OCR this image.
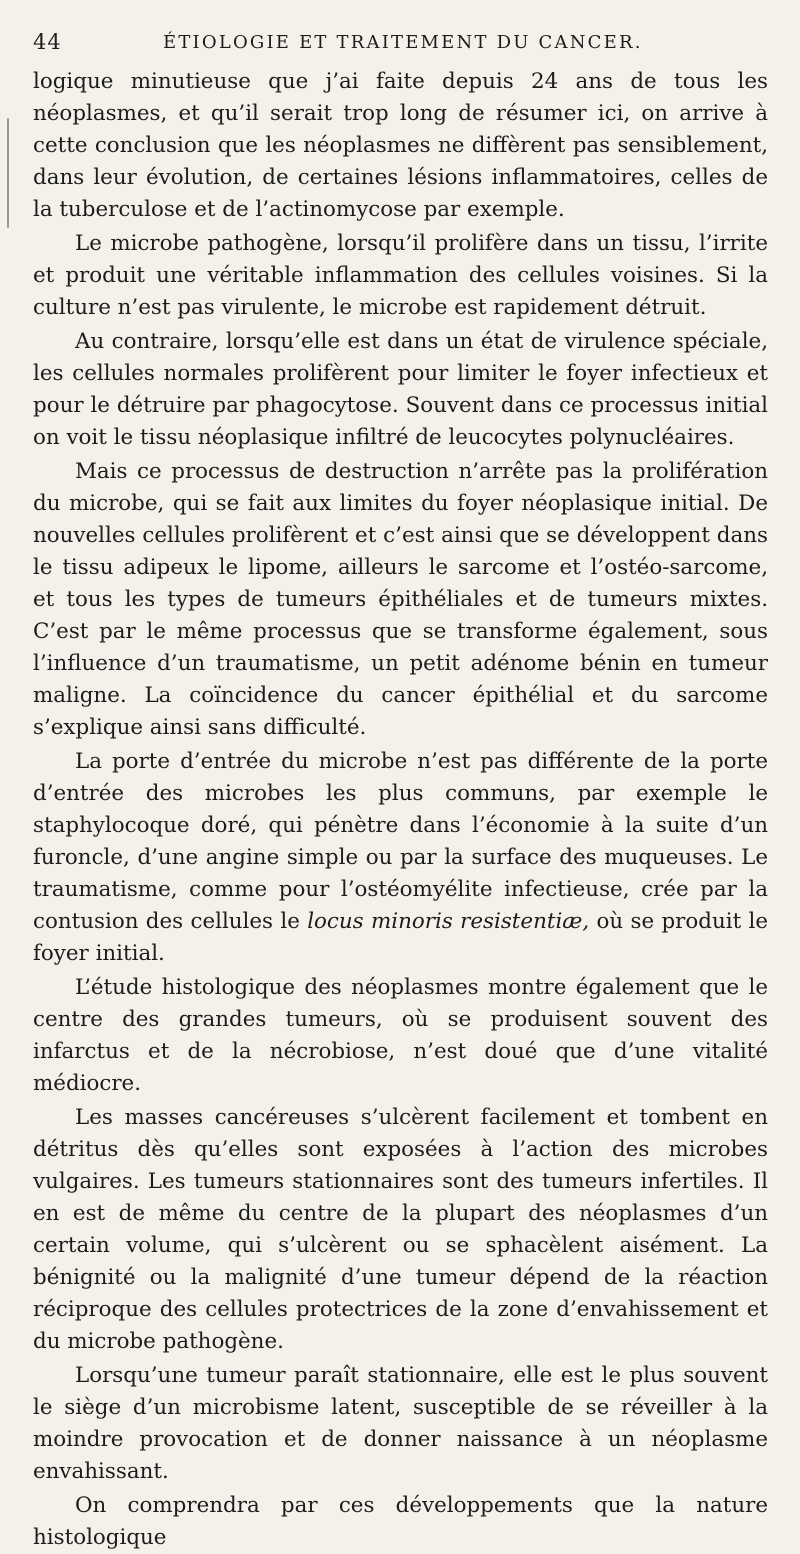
44	ÉTIOLOGIE ET TRAITEMENT DU CANCER.

logique minutieuse que j’ai faite depuis 24 ans de tous les néoplasmes, et qu’il serait trop long de résumer ici, on arrive à cette conclusion que les néoplasmes ne diffèrent pas sensiblement, dans leur évolution, de certaines lésions inflammatoires, celles de la tuberculose et de l’actinomycose par exemple.

Le microbe pathogène, lorsqu’il prolifère dans un tissu, l’irrite et produit une véritable inflammation des cellules voisines. Si la culture n’est pas virulente, le microbe est rapidement détruit.

Au contraire, lorsqu’elle est dans un état de virulence spéciale, les cellules normales prolifèrent pour limiter le foyer infectieux et pour le détruire par phagocytose. Souvent dans ce processus initial on voit le tissu néoplasique infiltré de leucocytes polynucléaires.

Mais ce processus de destruction n’arrête pas la prolifération du microbe, qui se fait aux limites du foyer néoplasique initial. De nouvelles cellules prolifèrent et c’est ainsi que se développent dans le tissu adipeux le lipome, ailleurs le sarcome et l’ostéo-sarcome, et tous les types de tumeurs épithéliales et de tumeurs mixtes. C’est par le même processus que se transforme également, sous l’influence d’un traumatisme, un petit adénome bénin en tumeur maligne. La coïncidence du cancer épithélial et du sarcome s’explique ainsi sans difficulté.

La porte d’entrée du microbe n’est pas différente de la porte d’entrée des microbes les plus communs, par exemple le staphylocoque doré, qui pénètre dans l’économie à la suite d’un furoncle, d’une angine simple ou par la surface des muqueuses. Le traumatisme, comme pour l’ostéomyélite infectieuse, crée par la contusion des cellules le locus minoris resistentiæ, où se produit le foyer initial.

L’étude histologique des néoplasmes montre également que le centre des grandes tumeurs, où se produisent souvent des infarctus et de la nécrobiose, n’est doué que d’une vitalité médiocre.

Les masses cancéreuses s’ulcèrent facilement et tombent en détritus dès qu’elles sont exposées à l’action des microbes vulgaires. Les tumeurs stationnaires sont des tumeurs infertiles. Il en est de même du centre de la plupart des néoplasmes d’un certain volume, qui s’ulcèrent ou se sphacèlent aisément. La bénignité ou la malignité d’une tumeur dépend de la réaction réciproque des cellules protectrices de la zone d’envahissement et du microbe pathogène.

Lorsqu’une tumeur paraît stationnaire, elle est le plus souvent le siège d’un microbisme latent, susceptible de se réveiller à la moindre provocation et de donner naissance à un néoplasme envahissant.

On comprendra par ces développements que la nature histologique
